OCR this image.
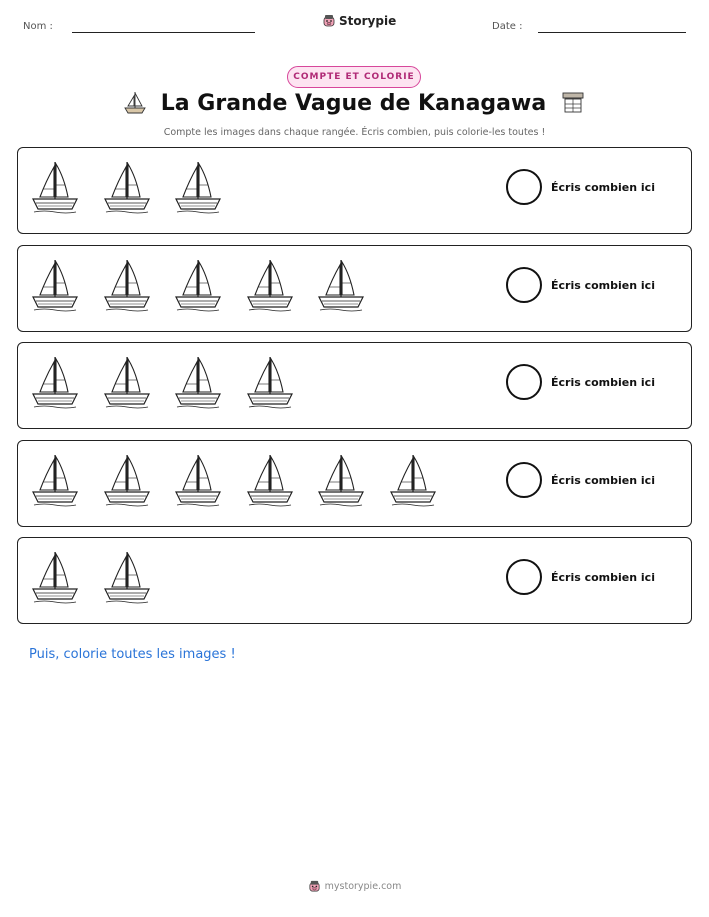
Nom :	Storypie	Date :
COMPTE ET COLORIE
La Grande Vague de Kanagawa
Compte les images dans chaque rangée. Écris combien, puis colorie-les toutes !
Écris combien ici
Écris combien ici
Écris combien ici
Écris combien ici
Écris combien ici
Puis, colorie toutes les images !
mystorypie.com
